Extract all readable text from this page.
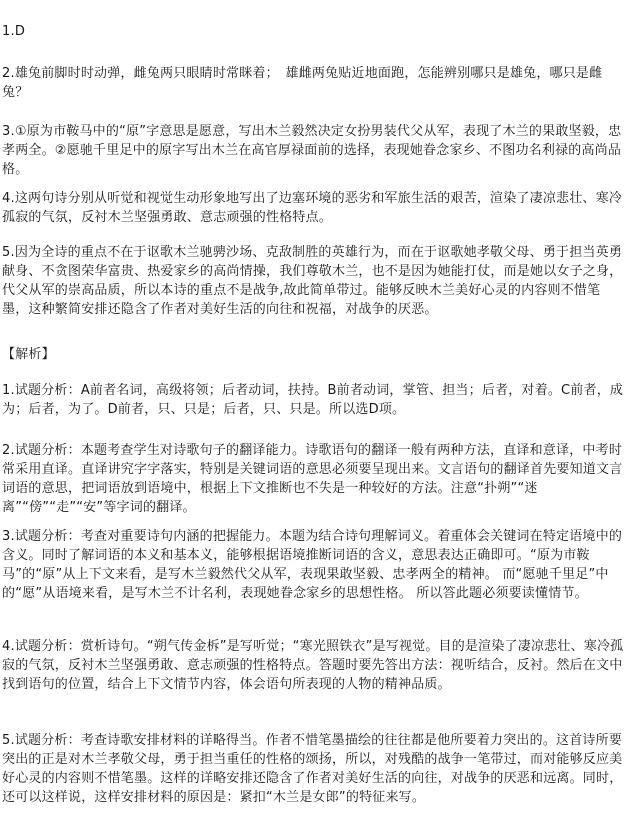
1.D

2.雄兔前脚时时动弹，雌兔两只眼睛时常眯着；　雄雌两兔贴近地面跑，怎能辨别哪只是雄兔，哪只是雌兔？

3.①原为市鞍马中的“原”字意思是愿意，写出木兰毅然决定女扮男装代父从军，表现了木兰的果敢坚毅，忠孝两全。②愿驰千里足中的原字写出木兰在高官厚禄面前的选择，表现她眷念家乡、不图功名利禄的高尚品格。

4.这两句诗分别从听觉和视觉生动形象地写出了边塞环境的恶劣和军旅生活的艰苦，渲染了凄凉悲壮、寒冷孤寂的气氛，反衬木兰坚强勇敢、意志顽强的性格特点。

5.因为全诗的重点不在于讴歌木兰驰骋沙场、克敌制胜的英雄行为，而在于讴歌她孝敬父母、勇于担当英勇献身、不贪图荣华富贵、热爱家乡的高尚情操，我们尊敬木兰，也不是因为她能打仗，而是她以女子之身，代父从军的崇高品质，所以本诗的重点不是战争,故此简单带过。能够反映木兰美好心灵的内容则不惜笔墨，这种繁简安排还隐含了作者对美好生活的向往和祝福，对战争的厌恶。

【解析】

1.试题分析：A前者名词，高级将领；后者动词，扶持。B前者动词，掌管、担当；后者，对着。C前者，成为；后者，为了。D前者，只、只是；后者，只、只是。所以选D项。

2.试题分析：本题考查学生对诗歌句子的翻译能力。诗歌语句的翻译一般有两种方法，直译和意译，中考时常采用直译。直译讲究字字落实，特别是关键词语的意思必须要呈现出来。文言语句的翻译首先要知道文言词语的意思，把词语放到语境中，根据上下文推断也不失是一种较好的方法。注意“扑朔”“迷离”“傍”“走”“安”等字词的翻译。

3.试题分析：考查对重要诗句内涵的把握能力。本题为结合诗句理解词义。着重体会关键词在特定语境中的含义。同时了解词语的本义和基本义，能够根据语境推断词语的含义，意思表达正确即可。“原为市鞍马”的“原”从上下文来看，是写木兰毅然代父从军，表现果敢坚毅、忠孝两全的精神。 而“愿驰千里足”中的“愿”从语境来看，是写木兰不计名利，表现她眷念家乡的思想性格。 所以答此题必须要读懂情节。

4.试题分析：赏析诗句。“朔气传金柝”是写听觉；“寒光照铁衣”是写视觉。目的是渲染了凄凉悲壮、寒冷孤寂的气氛，反衬木兰坚强勇敢、意志顽强的性格特点。答题时要先答出方法：视听结合，反衬。然后在文中找到语句的位置，结合上下文情节内容，体会语句所表现的人物的精神品质。

5.试题分析：考查诗歌安排材料的详略得当。作者不惜笔墨描绘的往往都是他所要着力突出的。这首诗所要突出的正是对木兰孝敬父母，勇于担当重任的性格的颂扬，所以，对残酷的战争一笔带过，而对能够反应美好心灵的内容则不惜笔墨。这样的详略安排还隐含了作者对美好生活的向往，对战争的厌恶和远离。同时，还可以这样说，这样安排材料的原因是：紧扣“木兰是女郎”的特征来写。
